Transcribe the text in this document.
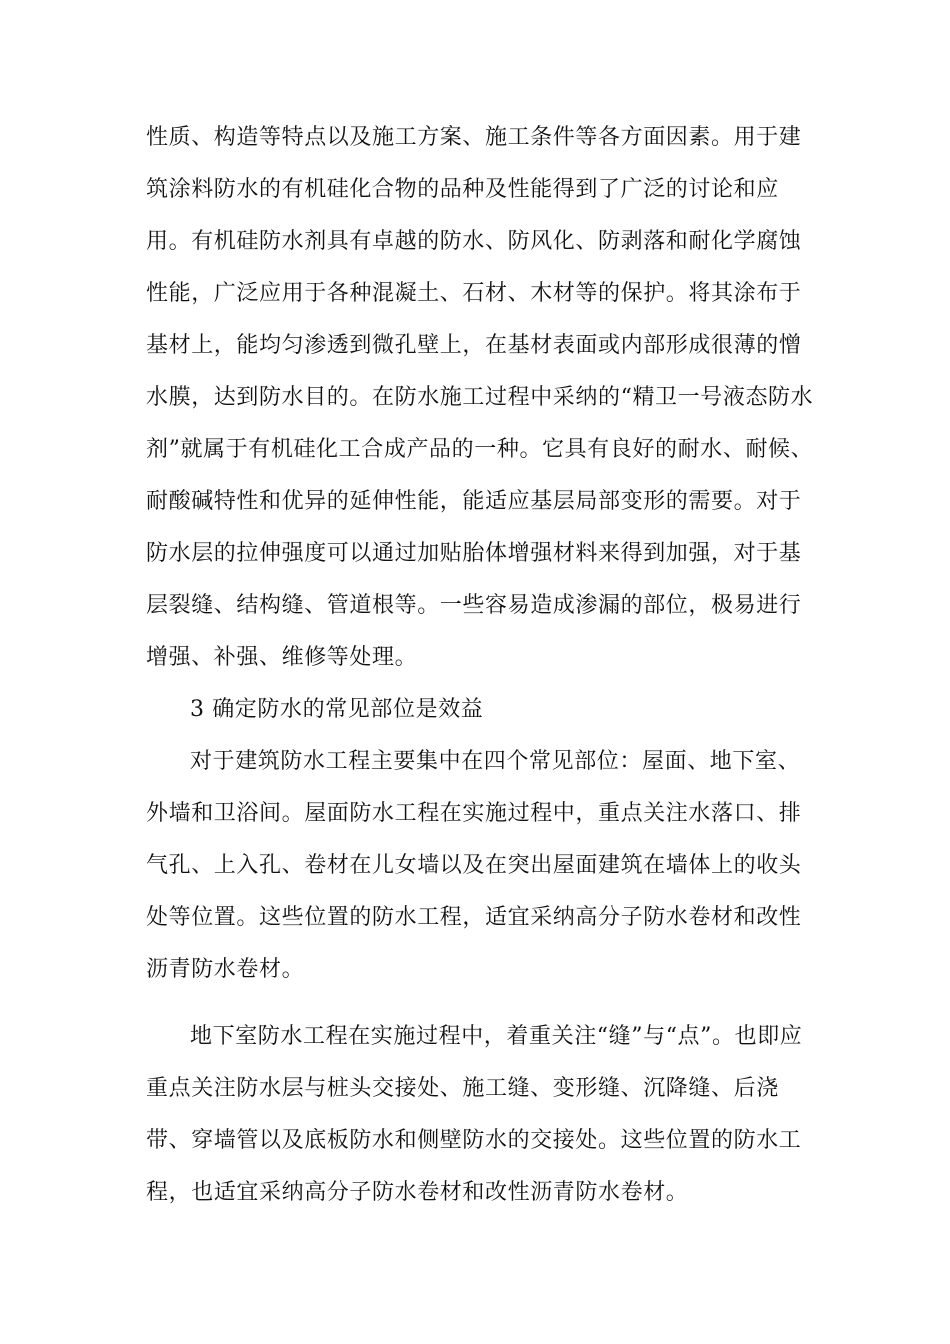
性质、构造等特点以及施工方案、施工条件等各方面因素。用于建
筑涂料防水的有机硅化合物的品种及性能得到了广泛的讨论和应
用。有机硅防水剂具有卓越的防水、防风化、防剥落和耐化学腐蚀
性能，广泛应用于各种混凝土、石材、木材等的保护。将其涂布于
基材上，能均匀渗透到微孔壁上，在基材表面或内部形成很薄的憎
水膜，达到防水目的。在防水施工过程中采纳的“精卫一号液态防水
剂”就属于有机硅化工合成产品的一种。它具有良好的耐水、耐候、
耐酸碱特性和优异的延伸性能，能适应基层局部变形的需要。对于
防水层的拉伸强度可以通过加贴胎体增强材料来得到加强，对于基
层裂缝、结构缝、管道根等。一些容易造成渗漏的部位，极易进行
增强、补强、维修等处理。
3 确定防水的常见部位是效益
对于建筑防水工程主要集中在四个常见部位：屋面、地下室、
外墙和卫浴间。屋面防水工程在实施过程中，重点关注水落口、排
气孔、上入孔、卷材在儿女墙以及在突出屋面建筑在墙体上的收头
处等位置。这些位置的防水工程，适宜采纳高分子防水卷材和改性
沥青防水卷材。
地下室防水工程在实施过程中，着重关注“缝”与“点”。也即应
重点关注防水层与桩头交接处、施工缝、变形缝、沉降缝、后浇
带、穿墙管以及底板防水和侧壁防水的交接处。这些位置的防水工
程，也适宜采纳高分子防水卷材和改性沥青防水卷材。
